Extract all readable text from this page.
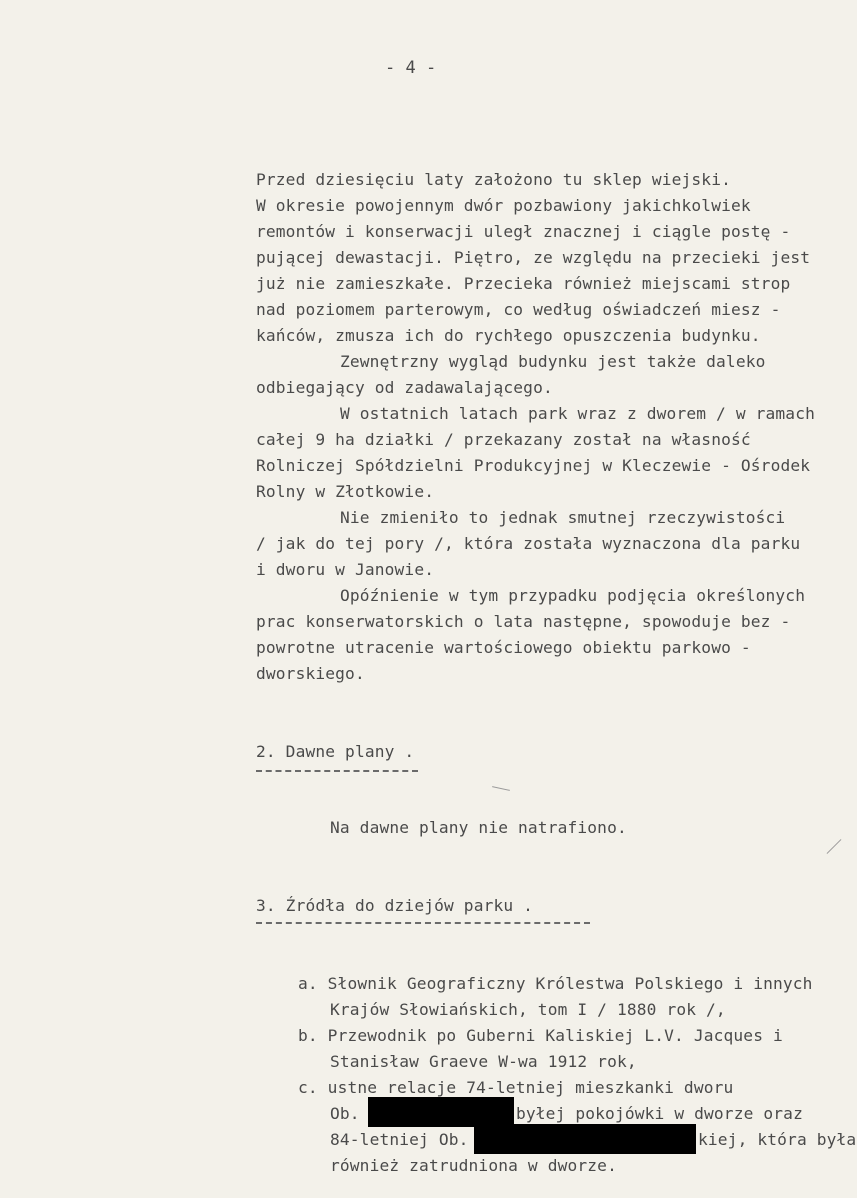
- 4 -
Przed dziesięciu laty założono tu sklep wiejski.
W okresie powojennym dwór pozbawiony jakichkolwiek
remontów i konserwacji uległ znacznej i ciągle postę -
pującej dewastacji. Piętro, ze względu na przecieki jest
już nie zamieszkałe. Przecieka również miejscami strop
nad poziomem parterowym, co według oświadczeń miesz -
kańców, zmusza ich do rychłego opuszczenia budynku.
Zewnętrzny wygląd budynku jest także daleko
odbiegający od zadawalającego.
W ostatnich latach park wraz z dworem / w ramach
całej 9 ha działki / przekazany został na własność
Rolniczej Spółdzielni Produkcyjnej w Kleczewie - Ośrodek
Rolny w Złotkowie.
Nie zmieniło to jednak smutnej rzeczywistości
/ jak do tej pory /, która została wyznaczona dla parku
i dworu w Janowie.
Opóźnienie w tym przypadku podjęcia określonych
prac konserwatorskich o lata następne, spowoduje bez -
powrotne utracenie wartościowego obiektu parkowo -
dworskiego.
2. Dawne plany .
Na dawne plany nie natrafiono.
3. Źródła do dziejów parku .
a. Słownik Geograficzny Królestwa Polskiego i innych
Krajów Słowiańskich, tom I / 1880 rok /,
b. Przewodnik po Guberni Kaliskiej L.V. Jacques i
Stanisław Graeve W-wa 1912 rok,
c. ustne relacje 74-letniej mieszkanki dworu
Ob.	byłej pokojówki w dworze oraz
84-letniej Ob.	kiej, która była
również zatrudniona w dworze.
